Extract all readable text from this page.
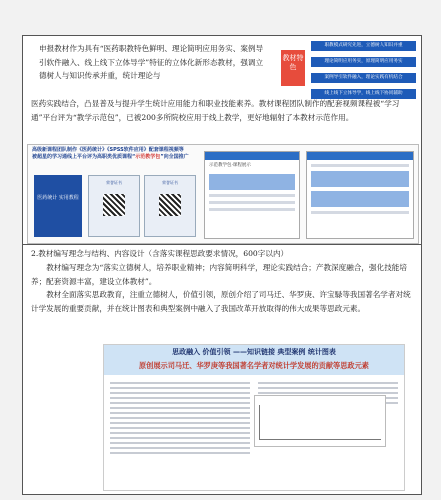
申报教材作为具有“医药职教特色鲜明、理论简明应用务实、案例导引软件融入、线上线下立体导学”特征的立体化新形态教材，强调立德树人与知识传承并重，统计理论与
教材特色
职教模式研究先进，立德树人知识并重
理论简明应用务实，原理简明应用务实
案例导引软件融入，理论实践有机结合
线上线下立体导学，线上线下协同辅助
医药实践结合，凸显普及与提升学生统计应用能力和职业技能素养。教材课程团队制作的配套视频课程被“学习通”平台评为“教学示范包”，已被200多所院校应用于线上教学，更好地辐射了本教材示范作用。
高级新课程团队制作《医药统计》《SPSS软件应用》配套课程视频等
被超星的学习通线上平台评为高职类优质课程“示范教学包”向全国推广
医药统计 实用教程
荣誉证书	荣誉证书
示范教学包·课程展示
2.教材编写理念与结构、内容设计（含落实课程思政要求情况，600字以内）
教材编写理念为“落实立德树人，培养职业精神；内容简明科学，理论实践结合；产教深度融合，强化技能培养；配套资源丰富，建设立体教材”。
教材全面落实思政教育，注重立德树人，价值引领，原创介绍了司马迁、华罗庚、许宝騄等我国著名学者对统计学发展的重要贡献，并在统计图表和典型案例中融入了我国改革开放取得的伟大成果等思政元素。
思政融入 价值引领 ——知识链接 典型案例 统计图表
原创展示司马迁、华罗庚等我国著名学者对统计学发展的贡献等思政元素
